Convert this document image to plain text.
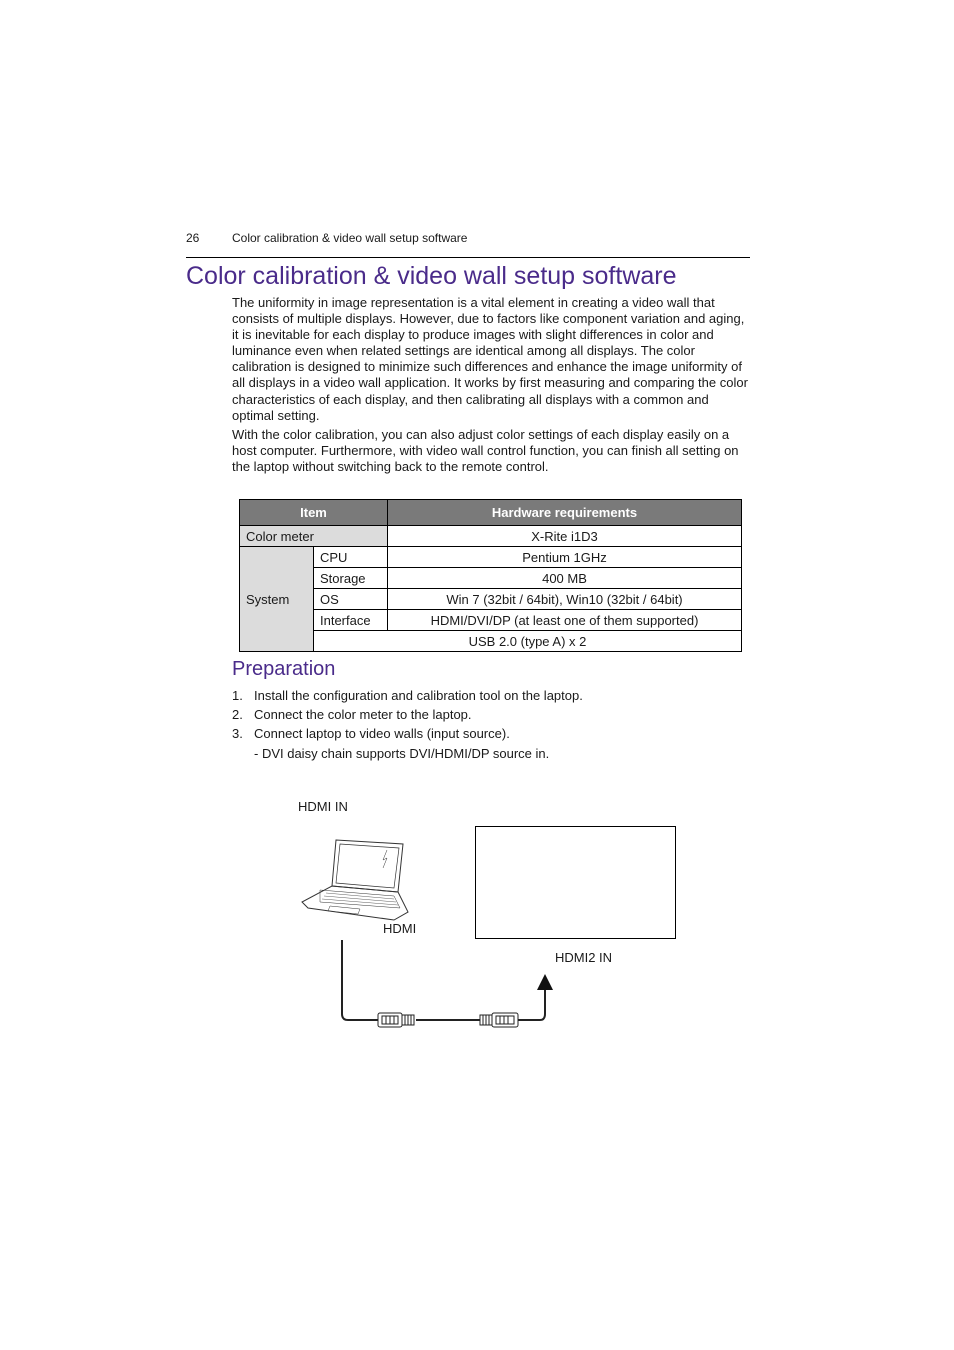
26	Color calibration & video wall setup software
Color calibration & video wall setup software

The uniformity in image representation is a vital element in creating a video wall that consists of multiple displays. However, due to factors like component variation and aging, it is inevitable for each display to produce images with slight differences in color and luminance even when related settings are identical among all displays. The color calibration is designed to minimize such differences and enhance the image uniformity of all displays in a video wall application. It works by first measuring and comparing the color characteristics of each display, and then calibrating all displays with a common and optimal setting.

With the color calibration, you can also adjust color settings of each display easily on a host computer. Furthermore, with video wall control function, you can finish all setting on the laptop without switching back to the remote control.

Item		Hardware requirements
Color meter		X-Rite i1D3
System	CPU	Pentium 1GHz
	Storage	400 MB
	OS	Win 7 (32bit / 64bit), Win10 (32bit / 64bit)
	Interface	HDMI/DVI/DP (at least one of them supported)
	USB 2.0 (type A) x 2	
Preparation
1. Install the configuration and calibration tool on the laptop.
2. Connect the color meter to the laptop.
3. Connect laptop to video walls (input source).
- DVI daisy chain supports DVI/HDMI/DP source in.
HDMI IN
HDMI
HDMI2 IN
